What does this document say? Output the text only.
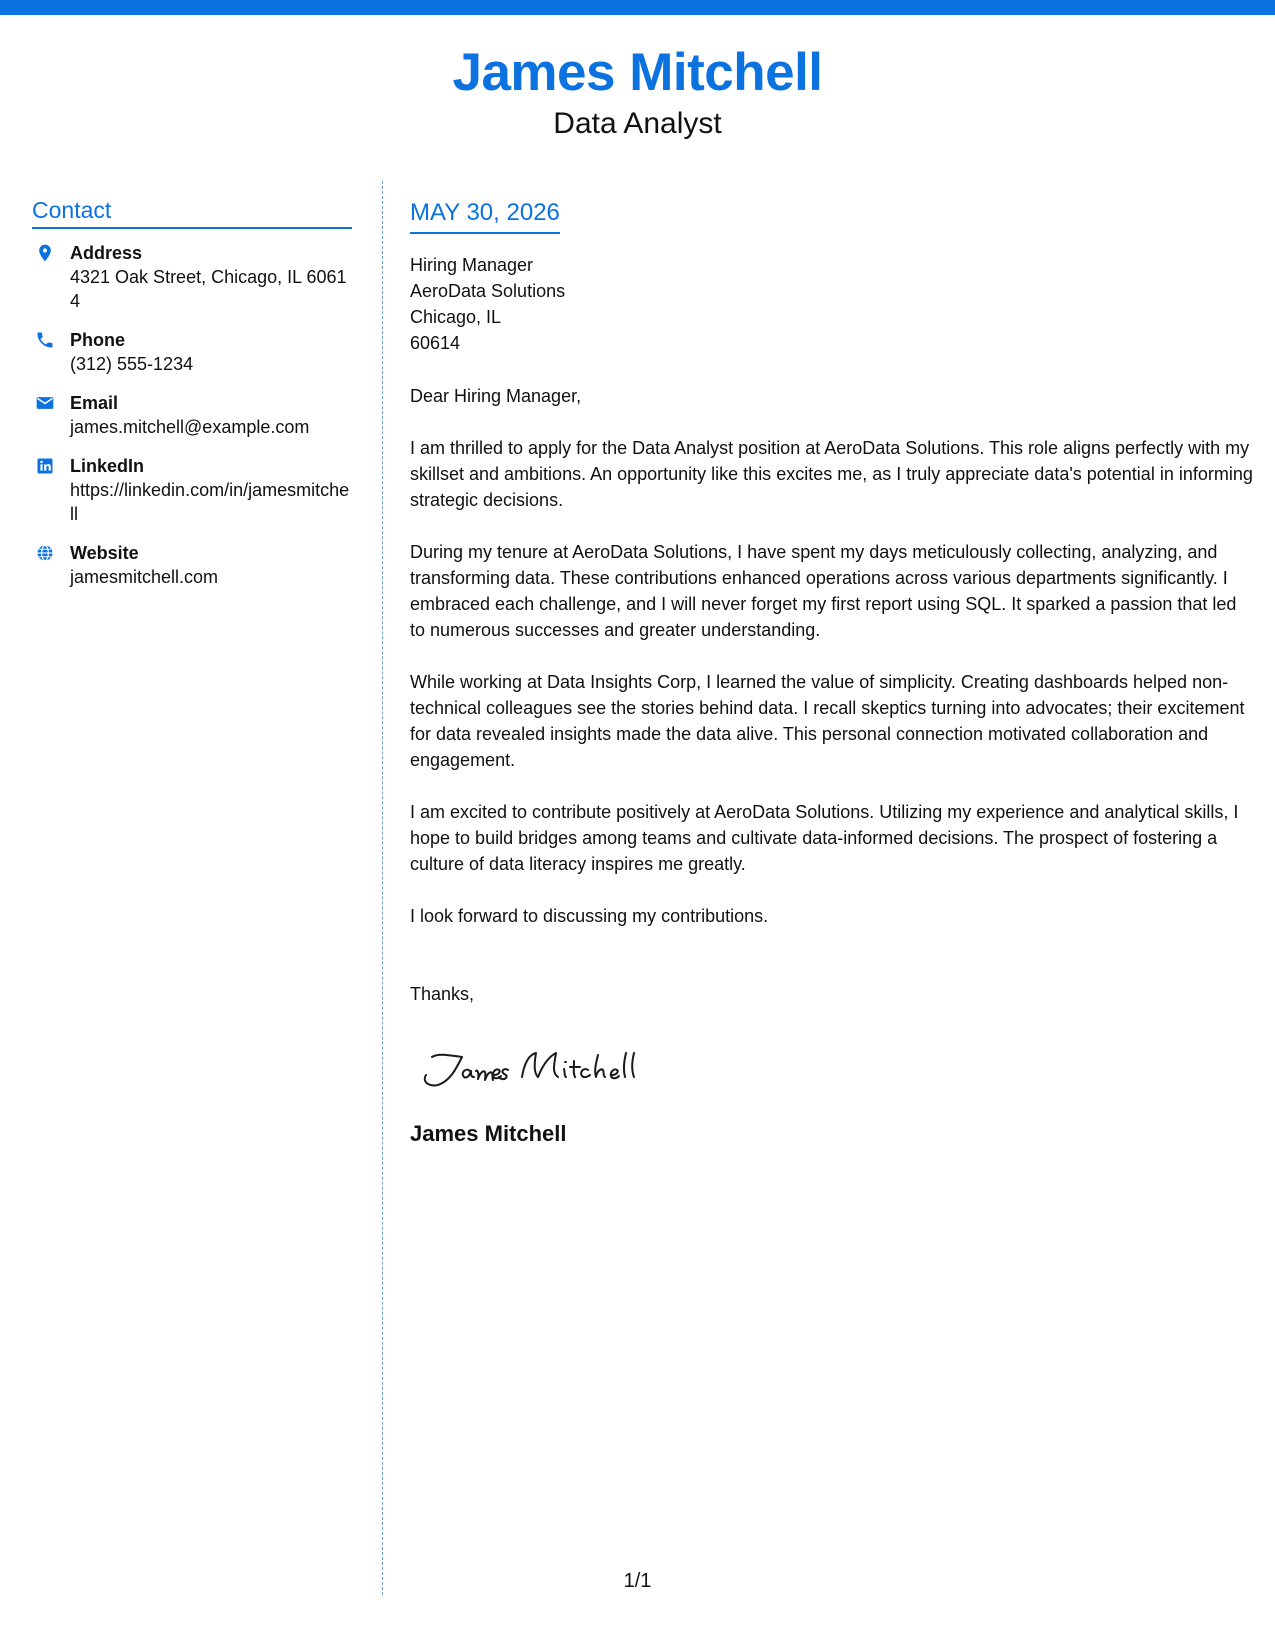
James Mitchell
Data Analyst
Contact
Address
4321 Oak Street, Chicago, IL 60614
Phone
(312) 555-1234
Email
james.mitchell@example.com
LinkedIn
https://linkedin.com/in/jamesmitchell
Website
jamesmitchell.com
MAY 30, 2026
Hiring Manager
AeroData Solutions
Chicago, IL
60614
Dear Hiring Manager,
I am thrilled to apply for the Data Analyst position at AeroData Solutions. This role aligns perfectly with my skillset and ambitions. An opportunity like this excites me, as I truly appreciate data's potential in informing strategic decisions.
During my tenure at AeroData Solutions, I have spent my days meticulously collecting, analyzing, and transforming data. These contributions enhanced operations across various departments significantly. I embraced each challenge, and I will never forget my first report using SQL. It sparked a passion that led to numerous successes and greater understanding.
While working at Data Insights Corp, I learned the value of simplicity. Creating dashboards helped non-technical colleagues see the stories behind data. I recall skeptics turning into advocates; their excitement for data revealed insights made the data alive. This personal connection motivated collaboration and engagement.
I am excited to contribute positively at AeroData Solutions. Utilizing my experience and analytical skills, I hope to build bridges among teams and cultivate data-informed decisions. The prospect of fostering a culture of data literacy inspires me greatly.
I look forward to discussing my contributions.
Thanks,
James Mitchell
1/1
